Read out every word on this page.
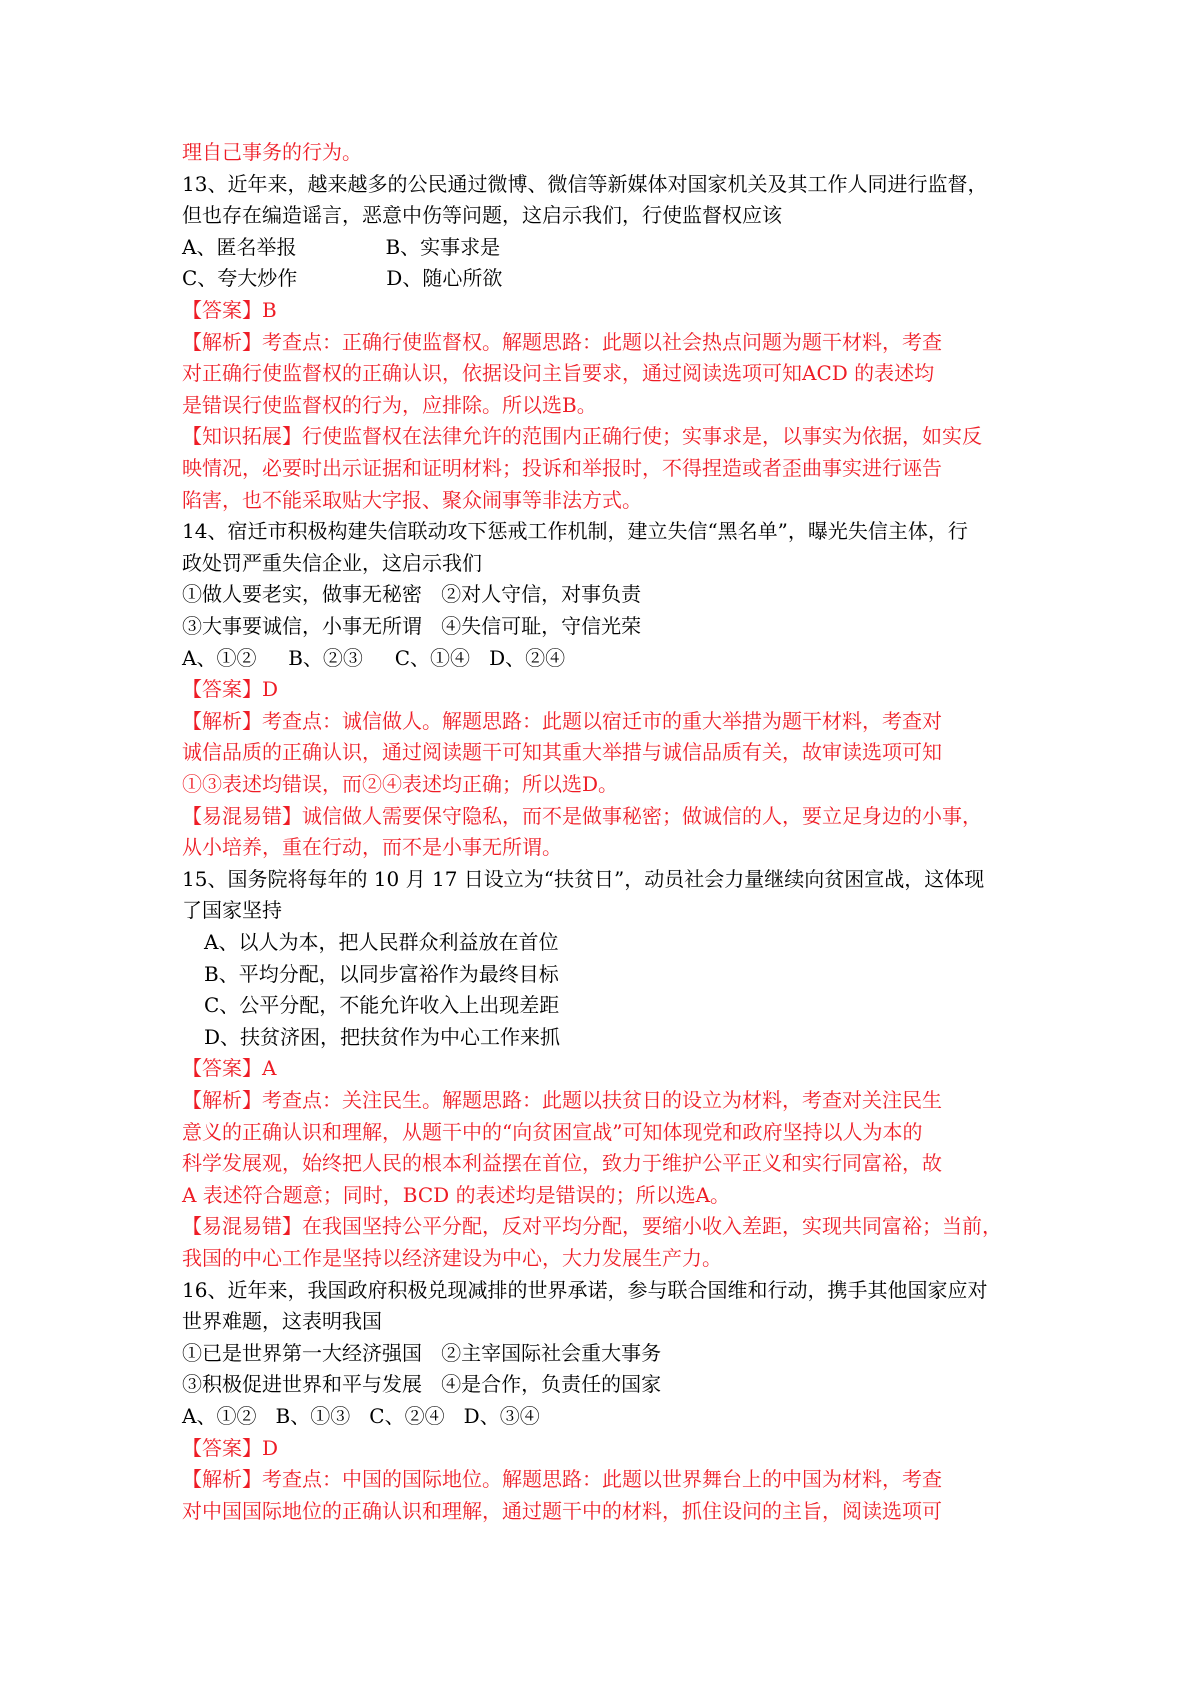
理自己事务的行为。
13、近年来，越来越多的公民通过微博、微信等新媒体对国家机关及其工作人同进行监督，
但也存在编造谣言，恶意中伤等问题，这启示我们，行使监督权应该
A、匿名举报              B、实事求是
C、夸大炒作              D、随心所欲
【答案】B
【解析】考查点：正确行使监督权。解题思路：此题以社会热点问题为题干材料，考查
对正确行使监督权的正确认识，依据设问主旨要求，通过阅读选项可知ACD 的表述均
是错误行使监督权的行为，应排除。所以选B。
【知识拓展】行使监督权在法律允许的范围内正确行使；实事求是，以事实为依据，如实反
映情况，必要时出示证据和证明材料；投诉和举报时，不得捏造或者歪曲事实进行诬告
陷害，也不能采取贴大字报、聚众闹事等非法方式。
14、宿迁市积极构建失信联动攻下惩戒工作机制，建立失信“黑名单”，曝光失信主体，行
政处罚严重失信企业，这启示我们
①做人要老实，做事无秘密   ②对人守信，对事负责
③大事要诚信，小事无所谓   ④失信可耻，守信光荣
A、①②     B、②③     C、①④   D、②④
【答案】D
【解析】考查点：诚信做人。解题思路：此题以宿迁市的重大举措为题干材料，考查对
诚信品质的正确认识，通过阅读题干可知其重大举措与诚信品质有关，故审读选项可知
①③表述均错误，而②④表述均正确；所以选D。
【易混易错】诚信做人需要保守隐私，而不是做事秘密；做诚信的人，要立足身边的小事，
从小培养，重在行动，而不是小事无所谓。
15、国务院将每年的 10 月 17 日设立为“扶贫日”，动员社会力量继续向贫困宣战，这体现
了国家坚持
A、以人为本，把人民群众利益放在首位
B、平均分配，以同步富裕作为最终目标
C、公平分配，不能允许收入上出现差距
D、扶贫济困，把扶贫作为中心工作来抓
【答案】A
【解析】考查点：关注民生。解题思路：此题以扶贫日的设立为材料，考查对关注民生
意义的正确认识和理解，从题干中的“向贫困宣战”可知体现党和政府坚持以人为本的
科学发展观，始终把人民的根本利益摆在首位，致力于维护公平正义和实行同富裕，故
A 表述符合题意；同时，BCD 的表述均是错误的；所以选A。
【易混易错】在我国坚持公平分配，反对平均分配，要缩小收入差距，实现共同富裕；当前，
我国的中心工作是坚持以经济建设为中心，大力发展生产力。
16、近年来，我国政府积极兑现减排的世界承诺，参与联合国维和行动，携手其他国家应对
世界难题，这表明我国
①已是世界第一大经济强国   ②主宰国际社会重大事务
③积极促进世界和平与发展   ④是合作，负责任的国家
A、①②   B、①③   C、②④   D、③④
【答案】D
【解析】考查点：中国的国际地位。解题思路：此题以世界舞台上的中国为材料，考查
对中国国际地位的正确认识和理解，通过题干中的材料，抓住设问的主旨，阅读选项可
